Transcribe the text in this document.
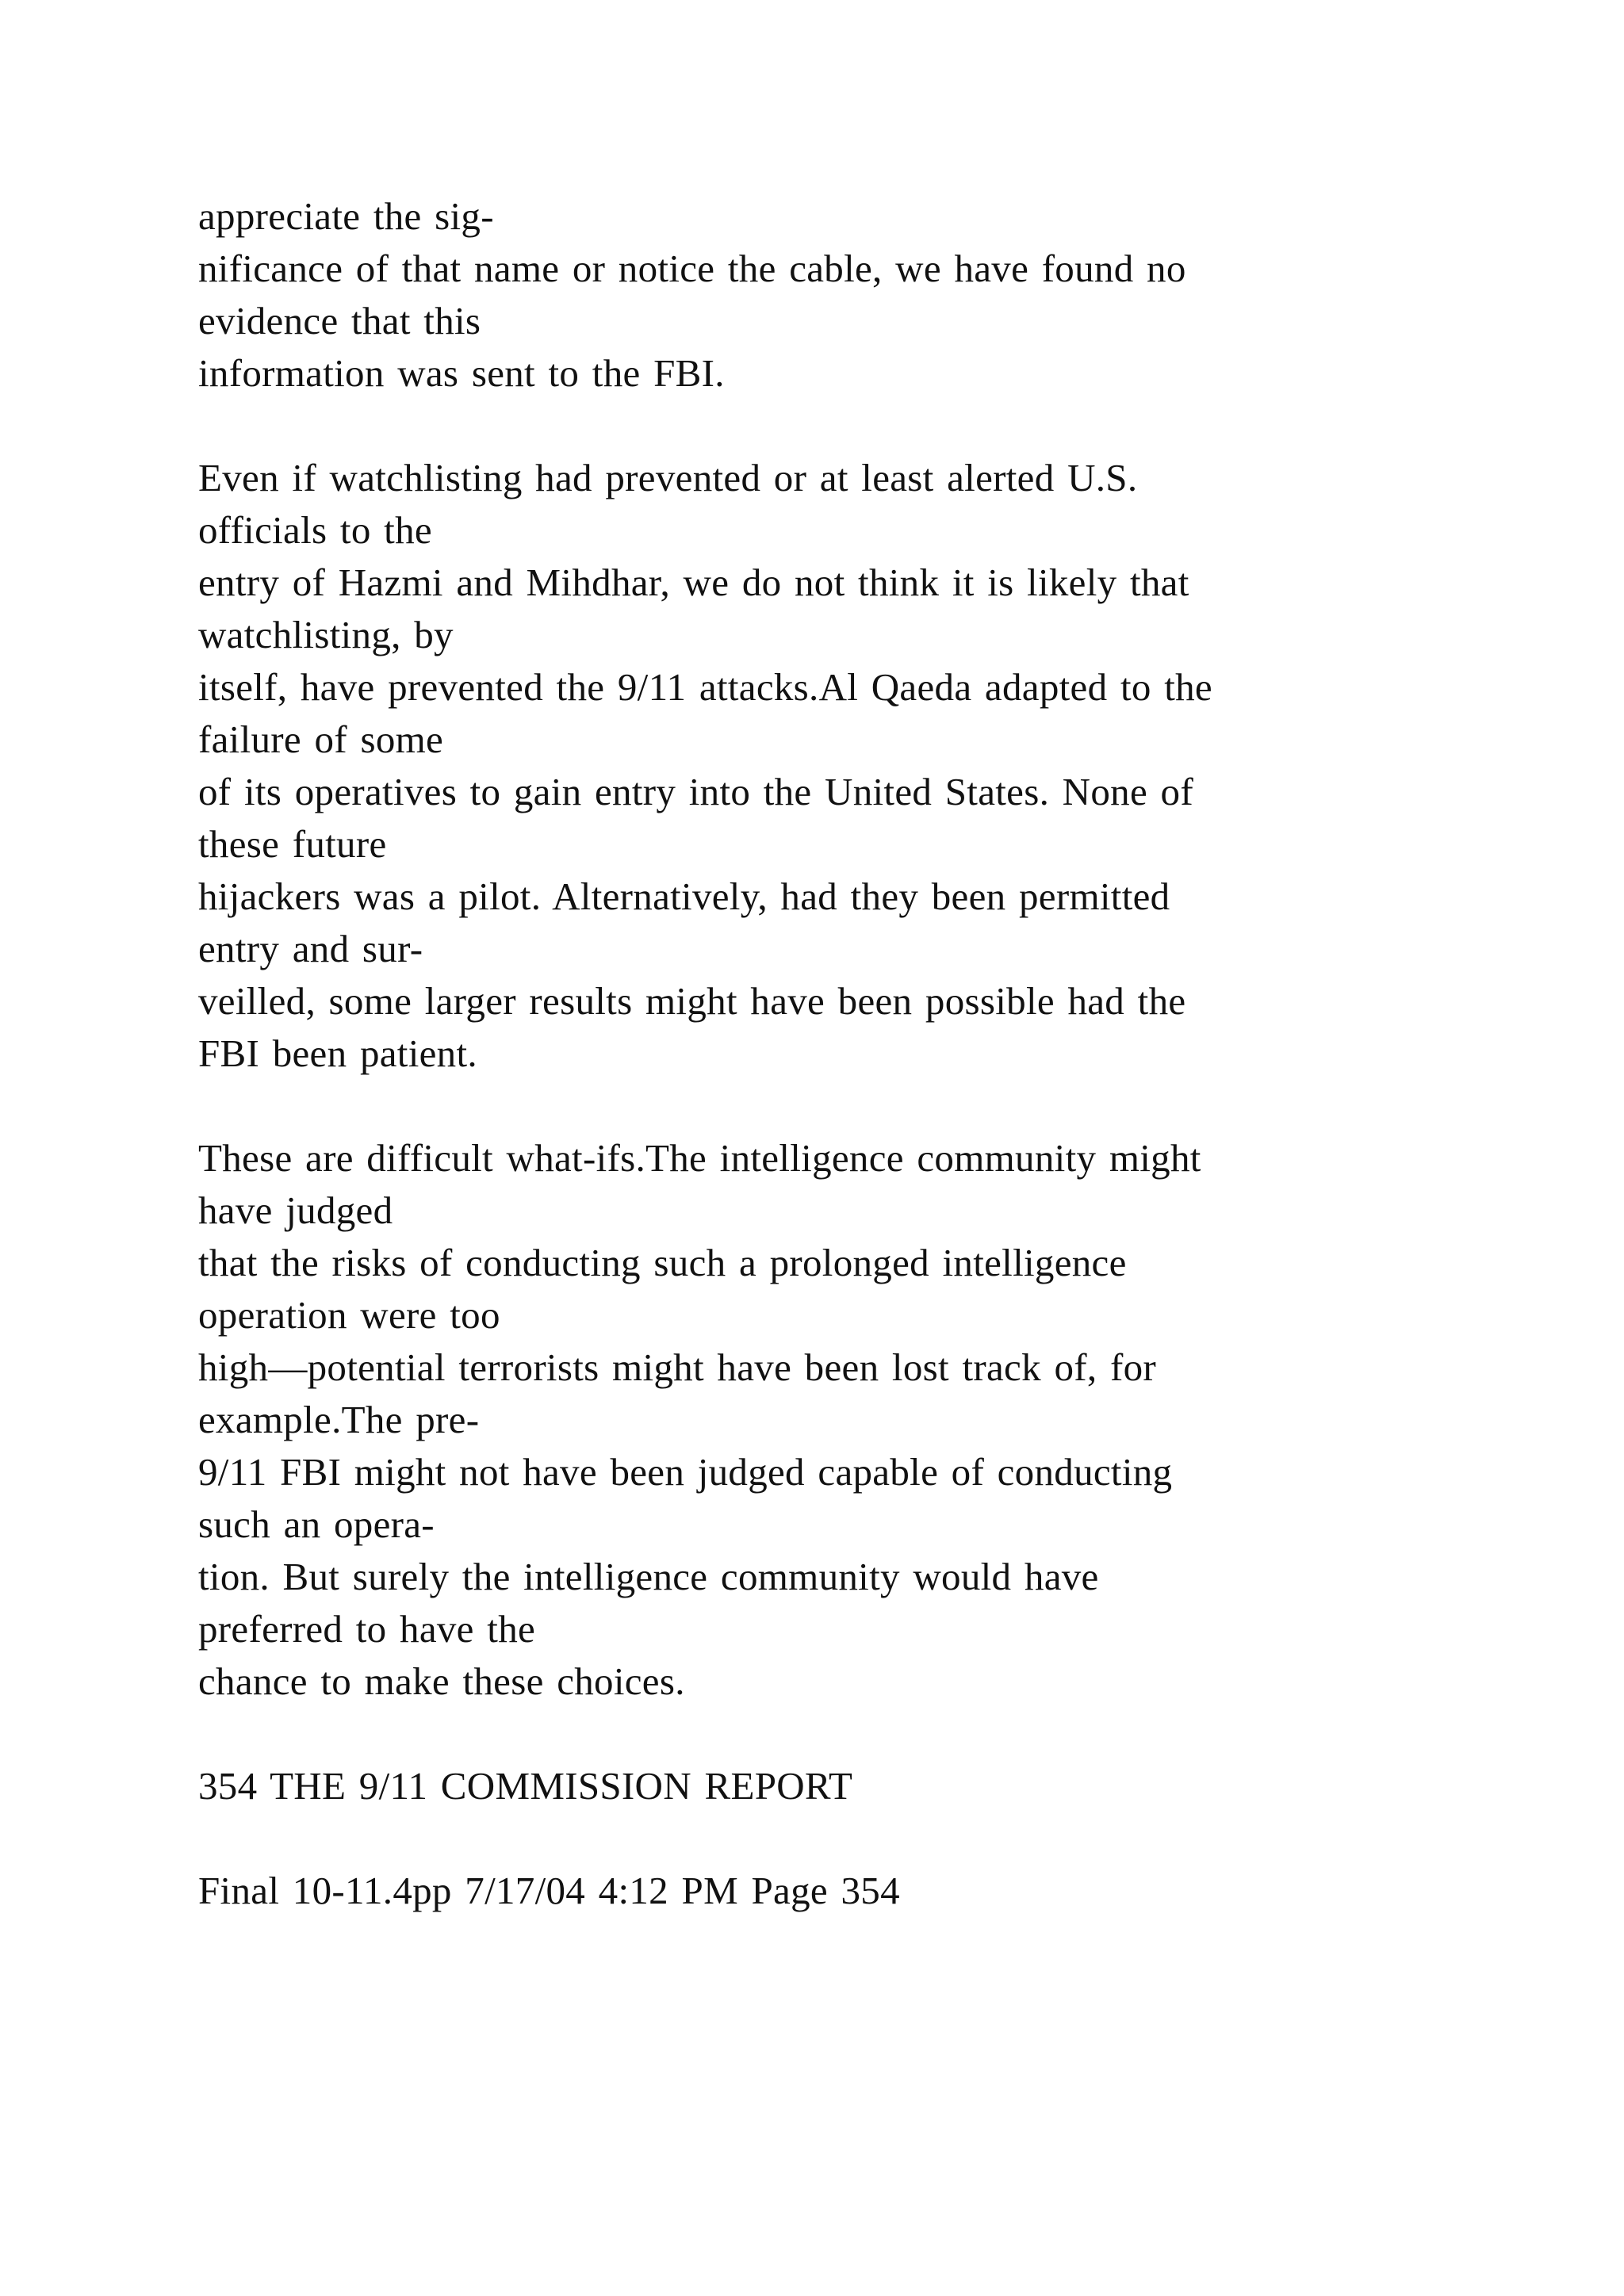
appreciate the sig-
nificance of that name or notice the cable, we have found no
evidence that this
information was sent to the FBI.
Even if watchlisting had prevented or at least alerted U.S.
officials to the
entry of Hazmi and Mihdhar, we do not think it is likely that
watchlisting, by
itself, have prevented the 9/11 attacks.Al Qaeda adapted to the
failure of some
of its operatives to gain entry into the United States. None of
these future
hijackers was a pilot. Alternatively, had they been permitted
entry and sur-
veilled, some larger results might have been possible had the
FBI been patient.
These are difficult what-ifs.The intelligence community might
have judged
that the risks of conducting such a prolonged intelligence
operation were too
high—potential terrorists might have been lost track of, for
example.The pre-
9/11 FBI might not have been judged capable of conducting
such an opera-
tion. But surely the intelligence community would have
preferred to have the
chance to make these choices.
354 THE 9/11 COMMISSION REPORT
Final 10-11.4pp 7/17/04 4:12 PM Page 354
